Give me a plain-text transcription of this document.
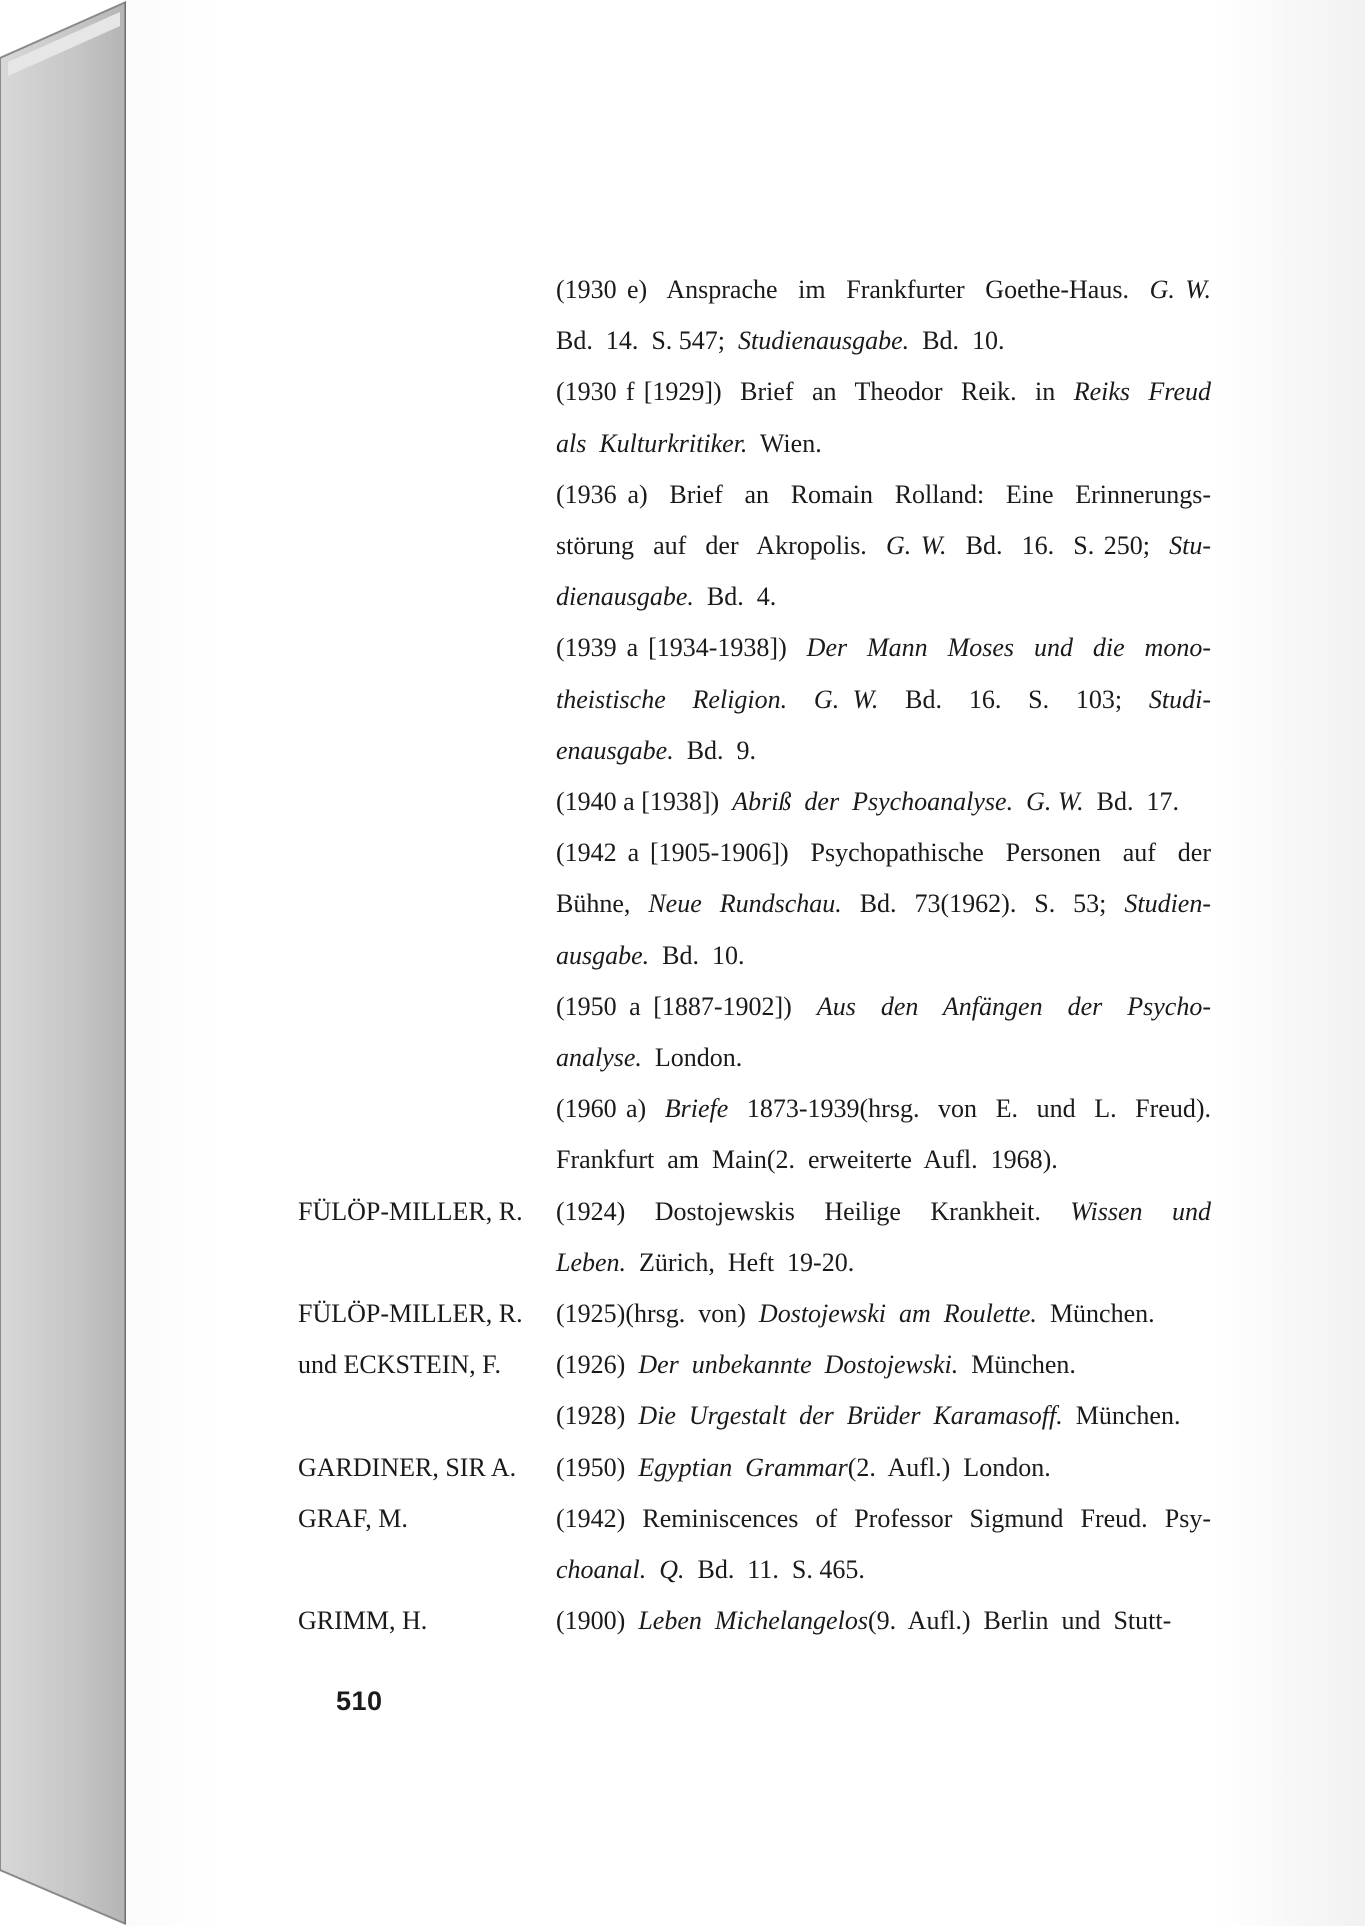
(1930 e)  Ansprache  im  Frankfurter  Goethe-Haus.  G. W.
Bd.  14.  S. 547;  Studienausgabe.  Bd.  10.
(1930 f [1929])  Brief  an  Theodor  Reik.  in  Reiks  Freud
als  Kulturkritiker.  Wien.
(1936 a)  Brief  an  Romain  Rolland:  Eine  Erinnerungs-
störung  auf  der  Akropolis.  G. W.  Bd.  16.  S. 250;  Stu-
dienausgabe.  Bd.  4.
(1939 a [1934-1938])  Der  Mann  Moses  und  die  mono-
theistische  Religion.  G. W.  Bd.  16.  S.  103;  Studi-
enausgabe.  Bd.  9.
(1940 a [1938])  Abriß  der  Psychoanalyse.  G. W.  Bd.  17.
(1942 a [1905-1906])  Psychopathische  Personen  auf  der
Bühne,  Neue  Rundschau.  Bd.  73(1962).  S.  53;  Studien-
ausgabe.  Bd.  10.
(1950 a [1887-1902])  Aus  den  Anfängen  der  Psycho-
analyse.  London.
(1960 a)  Briefe  1873-1939(hrsg.  von  E.  und  L.  Freud).
Frankfurt  am  Main(2.  erweiterte  Aufl.  1968).
FÜLÖP-MILLER, R.	(1924)  Dostojewskis  Heilige  Krankheit.  Wissen  und
Leben.  Zürich,  Heft  19-20.
FÜLÖP-MILLER, R.	(1925)(hrsg.  von)  Dostojewski  am  Roulette.  München.
und ECKSTEIN, F.	(1926)  Der  unbekannte  Dostojewski.  München.
(1928)  Die  Urgestalt  der  Brüder  Karamasoff.  München.
GARDINER, SIR A.	(1950)  Egyptian  Grammar(2.  Aufl.)  London.
GRAF, M.	(1942)  Reminiscences  of  Professor  Sigmund  Freud.  Psy-
choanal.  Q.  Bd.  11.  S. 465.
GRIMM, H.	(1900)  Leben  Michelangelos(9.  Aufl.)  Berlin  und  Stutt-
510
